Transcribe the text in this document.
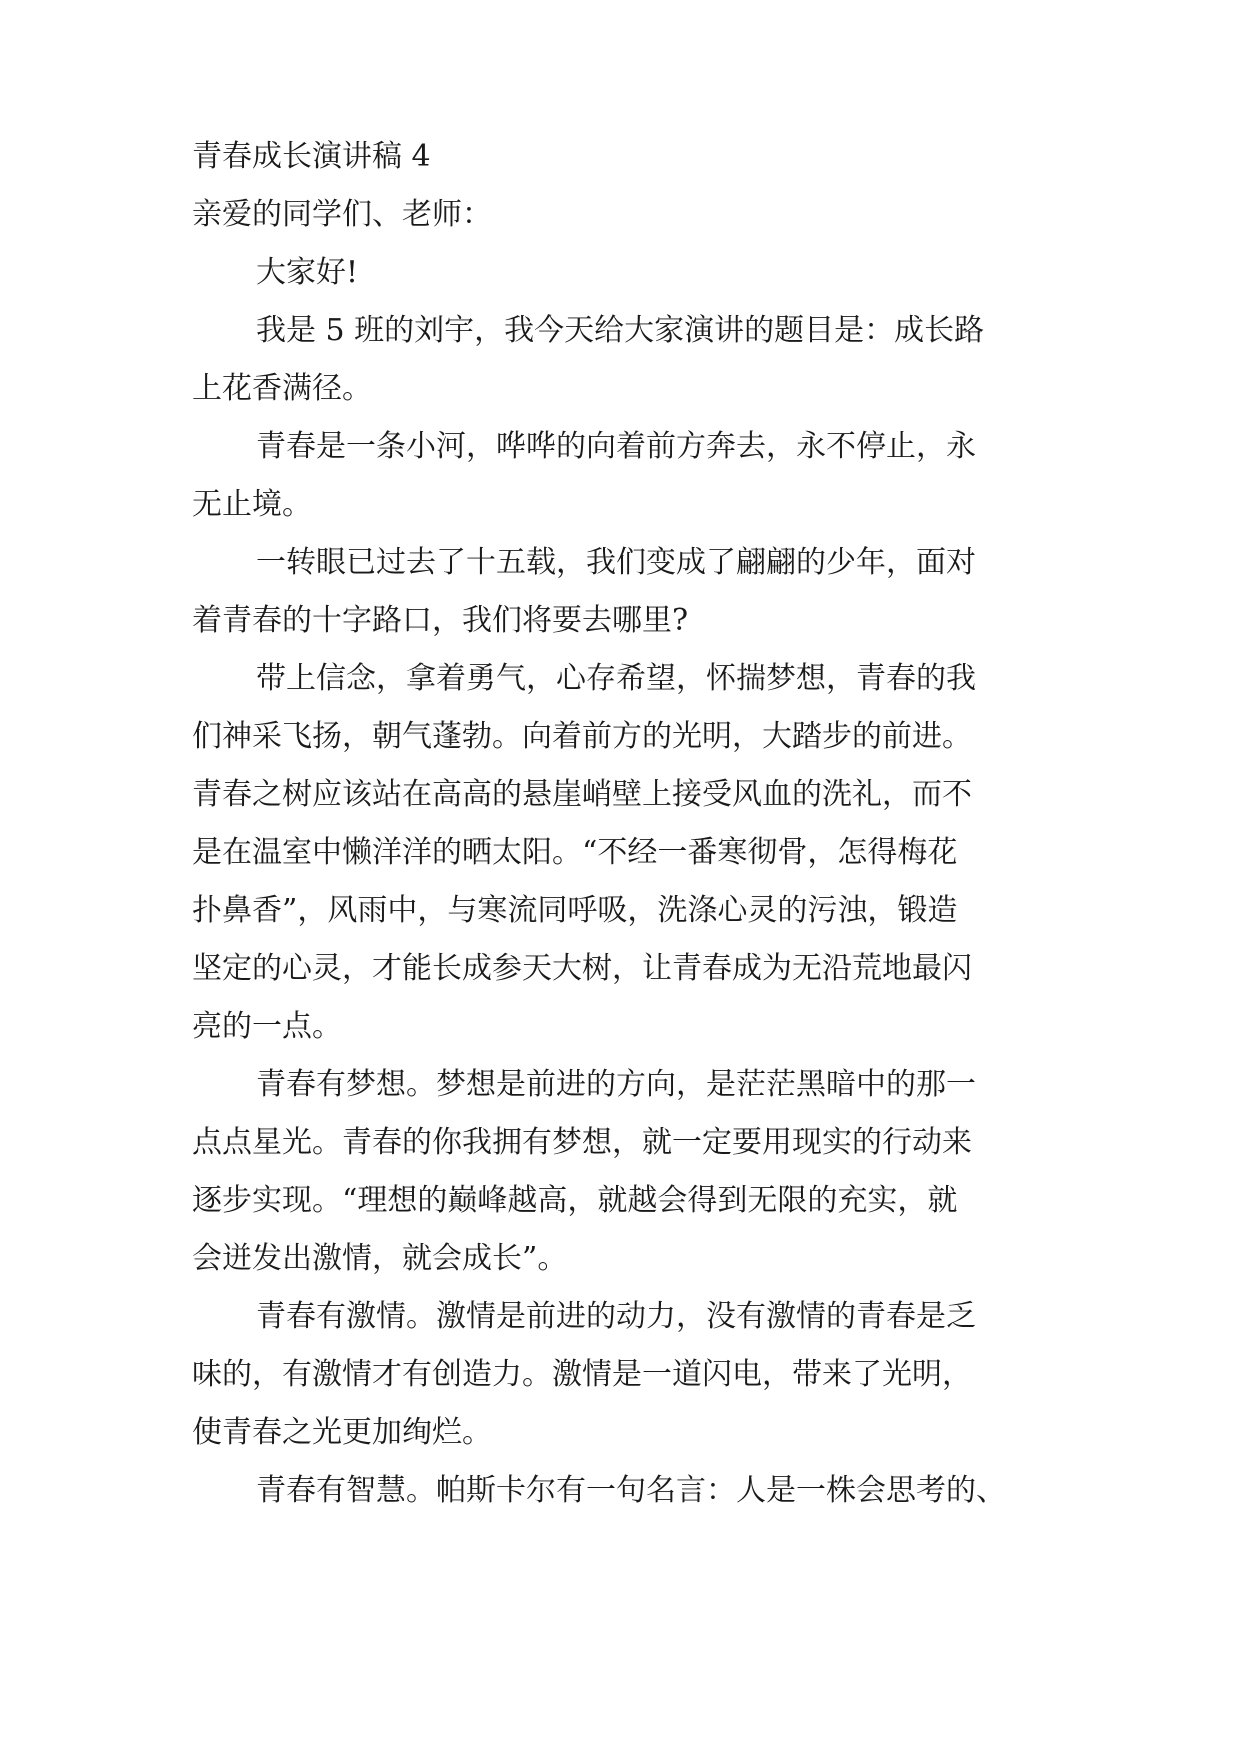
青春成长演讲稿 4
亲爱的同学们、老师：
大家好!
我是 5 班的刘宇，我今天给大家演讲的题目是：成长路
上花香满径。
青春是一条小河，哗哗的向着前方奔去，永不停止，永
无止境。
一转眼已过去了十五载，我们变成了翩翩的少年，面对
着青春的十字路口，我们将要去哪里?
带上信念，拿着勇气，心存希望，怀揣梦想，青春的我
们神采飞扬，朝气蓬勃。向着前方的光明，大踏步的前进。
青春之树应该站在高高的悬崖峭壁上接受风血的洗礼，而不
是在温室中懒洋洋的晒太阳。“不经一番寒彻骨，怎得梅花
扑鼻香”，风雨中，与寒流同呼吸，洗涤心灵的污浊，锻造
坚定的心灵，才能长成参天大树，让青春成为无沿荒地最闪
亮的一点。
青春有梦想。梦想是前进的方向，是茫茫黑暗中的那一
点点星光。青春的你我拥有梦想，就一定要用现实的行动来
逐步实现。“理想的巅峰越高，就越会得到无限的充实，就
会迸发出激情，就会成长”。
青春有激情。激情是前进的动力，没有激情的青春是乏
味的，有激情才有创造力。激情是一道闪电，带来了光明，
使青春之光更加绚烂。
青春有智慧。帕斯卡尔有一句名言：人是一株会思考的、
